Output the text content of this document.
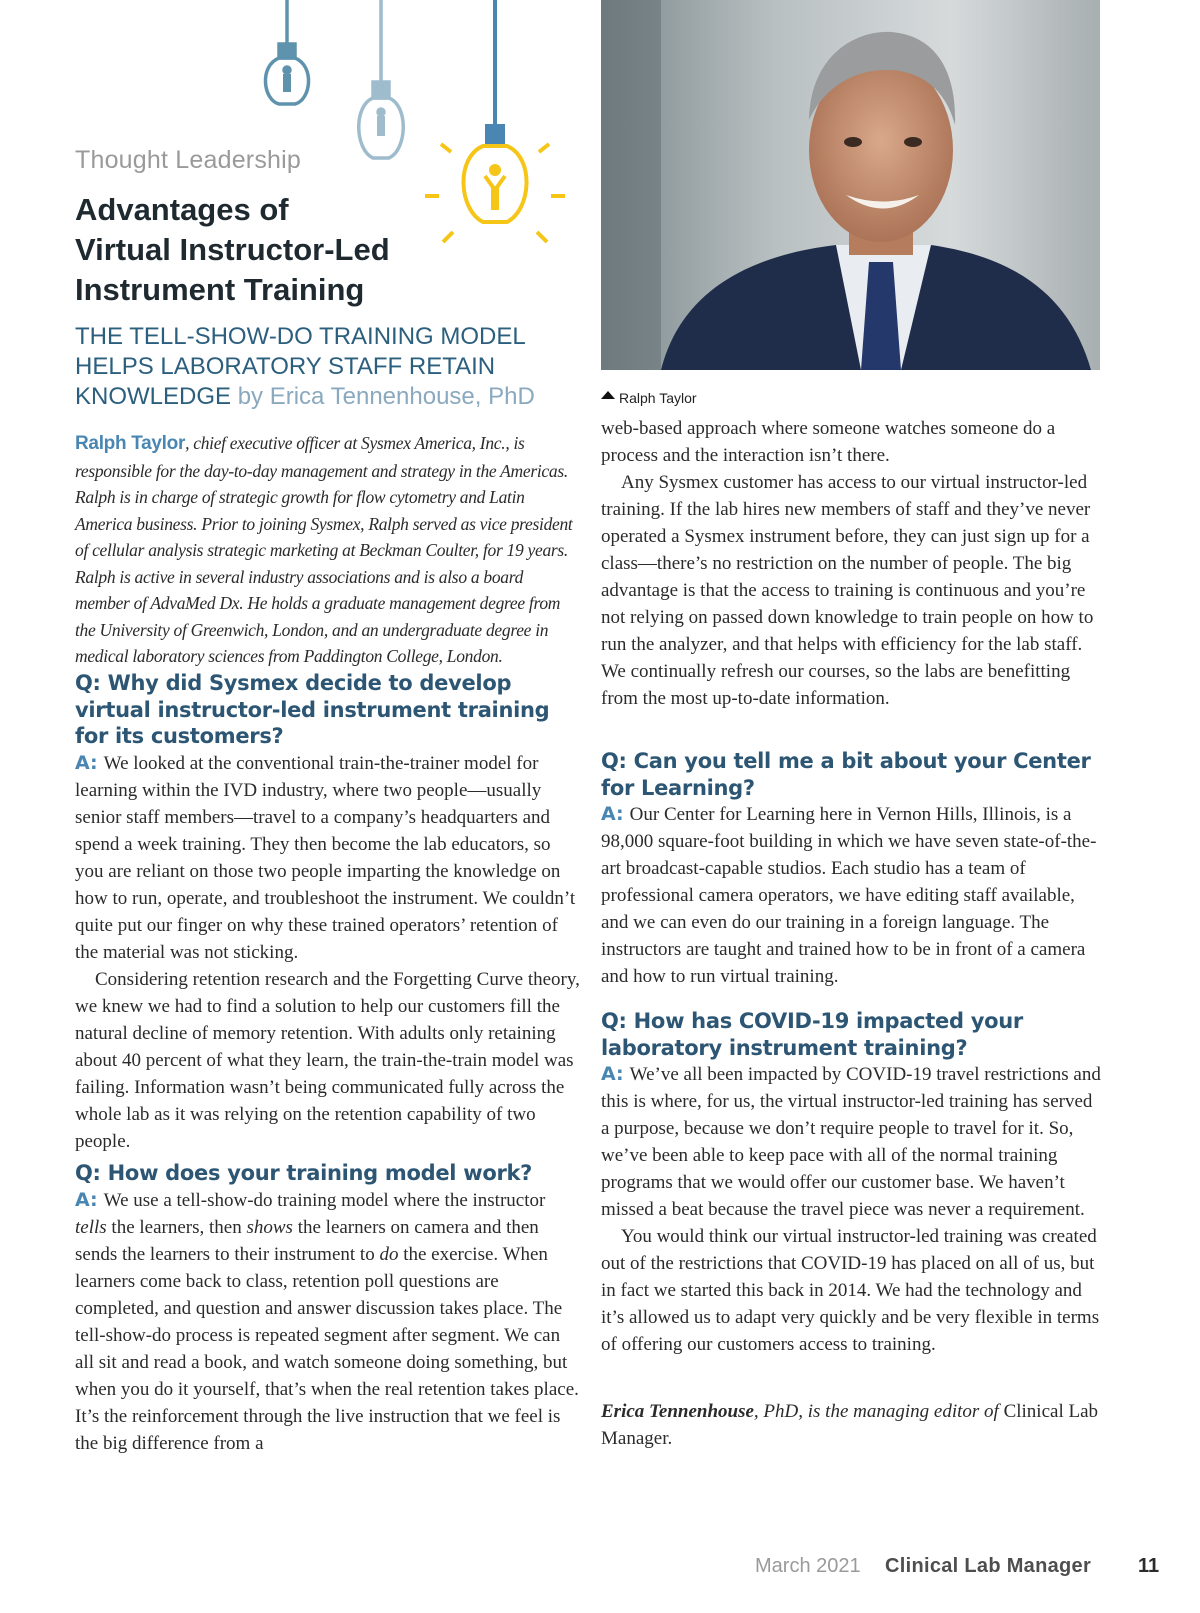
Thought Leadership
Advantages of
Virtual Instructor-Led
Instrument Training
THE TELL-SHOW-DO TRAINING MODEL HELPS LABORATORY STAFF RETAIN KNOWLEDGE by Erica Tennenhouse, PhD	Ralph Taylor
Ralph Taylor, chief executive officer at Sysmex America, Inc., is responsible for the day-to-day management and strategy in the Americas. Ralph is in charge of strategic growth for flow cytometry and Latin America business. Prior to joining Sysmex, Ralph served as vice president of cellular analysis strategic marketing at Beckman Coulter, for 19 years. Ralph is active in several industry associations and is also a board member of AdvaMed Dx. He holds a graduate management degree from the University of Greenwich, London, and an undergraduate degree in medical laboratory sciences from Paddington College, London.
Q: Why did Sysmex decide to develop virtual instructor-led instrument training for its customers?

A: We looked at the conventional train-the-trainer model for learning within the IVD industry, where two people—usually senior staff members—travel to a company’s headquarters and spend a week training. They then become the lab educators, so you are reliant on those two people imparting the knowledge on how to run, operate, and troubleshoot the instrument. We couldn’t quite put our finger on why these trained operators’ retention of the material was not sticking.

Considering retention research and the Forgetting Curve theory, we knew we had to find a solution to help our customers fill the natural decline of memory retention. With adults only retaining about 40 percent of what they learn, the train-the-train model was failing. Information wasn’t being communicated fully across the whole lab as it was relying on the retention capability of two people.

Q: How does your training model work?

A: We use a tell-show-do training model where the instructor tells the learners, then shows the learners on camera and then sends the learners to their instrument to do the exercise. When learners come back to class, retention poll questions are completed, and question and answer discussion takes place. The tell-show-do process is repeated segment after segment. We can all sit and read a book, and watch someone doing something, but when you do it yourself, that’s when the real retention takes place. It’s the reinforcement through the live instruction that we feel is the big difference from a

web-based approach where someone watches someone do a process and the interaction isn’t there.

Any Sysmex customer has access to our virtual instructor-led training. If the lab hires new members of staff and they’ve never operated a Sysmex instrument before, they can just sign up for a class—there’s no restriction on the number of people. The big advantage is that the access to training is continuous and you’re not relying on passed down knowledge to train people on how to run the analyzer, and that helps with efficiency for the lab staff. We continually refresh our courses, so the labs are benefitting from the most up-to-date information.

Q: Can you tell me a bit about your Center for Learning?

A: Our Center for Learning here in Vernon Hills, Illinois, is a 98,000 square-foot building in which we have seven state-of-the-art broadcast-capable studios. Each studio has a team of professional camera operators, we have editing staff available, and we can even do our training in a foreign language. The instructors are taught and trained how to be in front of a camera and how to run virtual training.

Q: How has COVID-19 impacted your laboratory instrument training?

A: We’ve all been impacted by COVID-19 travel restrictions and this is where, for us, the virtual instructor-led training has served a purpose, because we don’t require people to travel for it. So, we’ve been able to keep pace with all of the normal training programs that we would offer our customer base. We haven’t missed a beat because the travel piece was never a requirement.

You would think our virtual instructor-led training was created out of the restrictions that COVID-19 has placed on all of us, but in fact we started this back in 2014. We had the technology and it’s allowed us to adapt very quickly and be very flexible in terms of offering our customers access to training.

Erica Tennenhouse, PhD, is the managing editor of Clinical Lab Manager.
March 2021 Clinical Lab Manager 11
